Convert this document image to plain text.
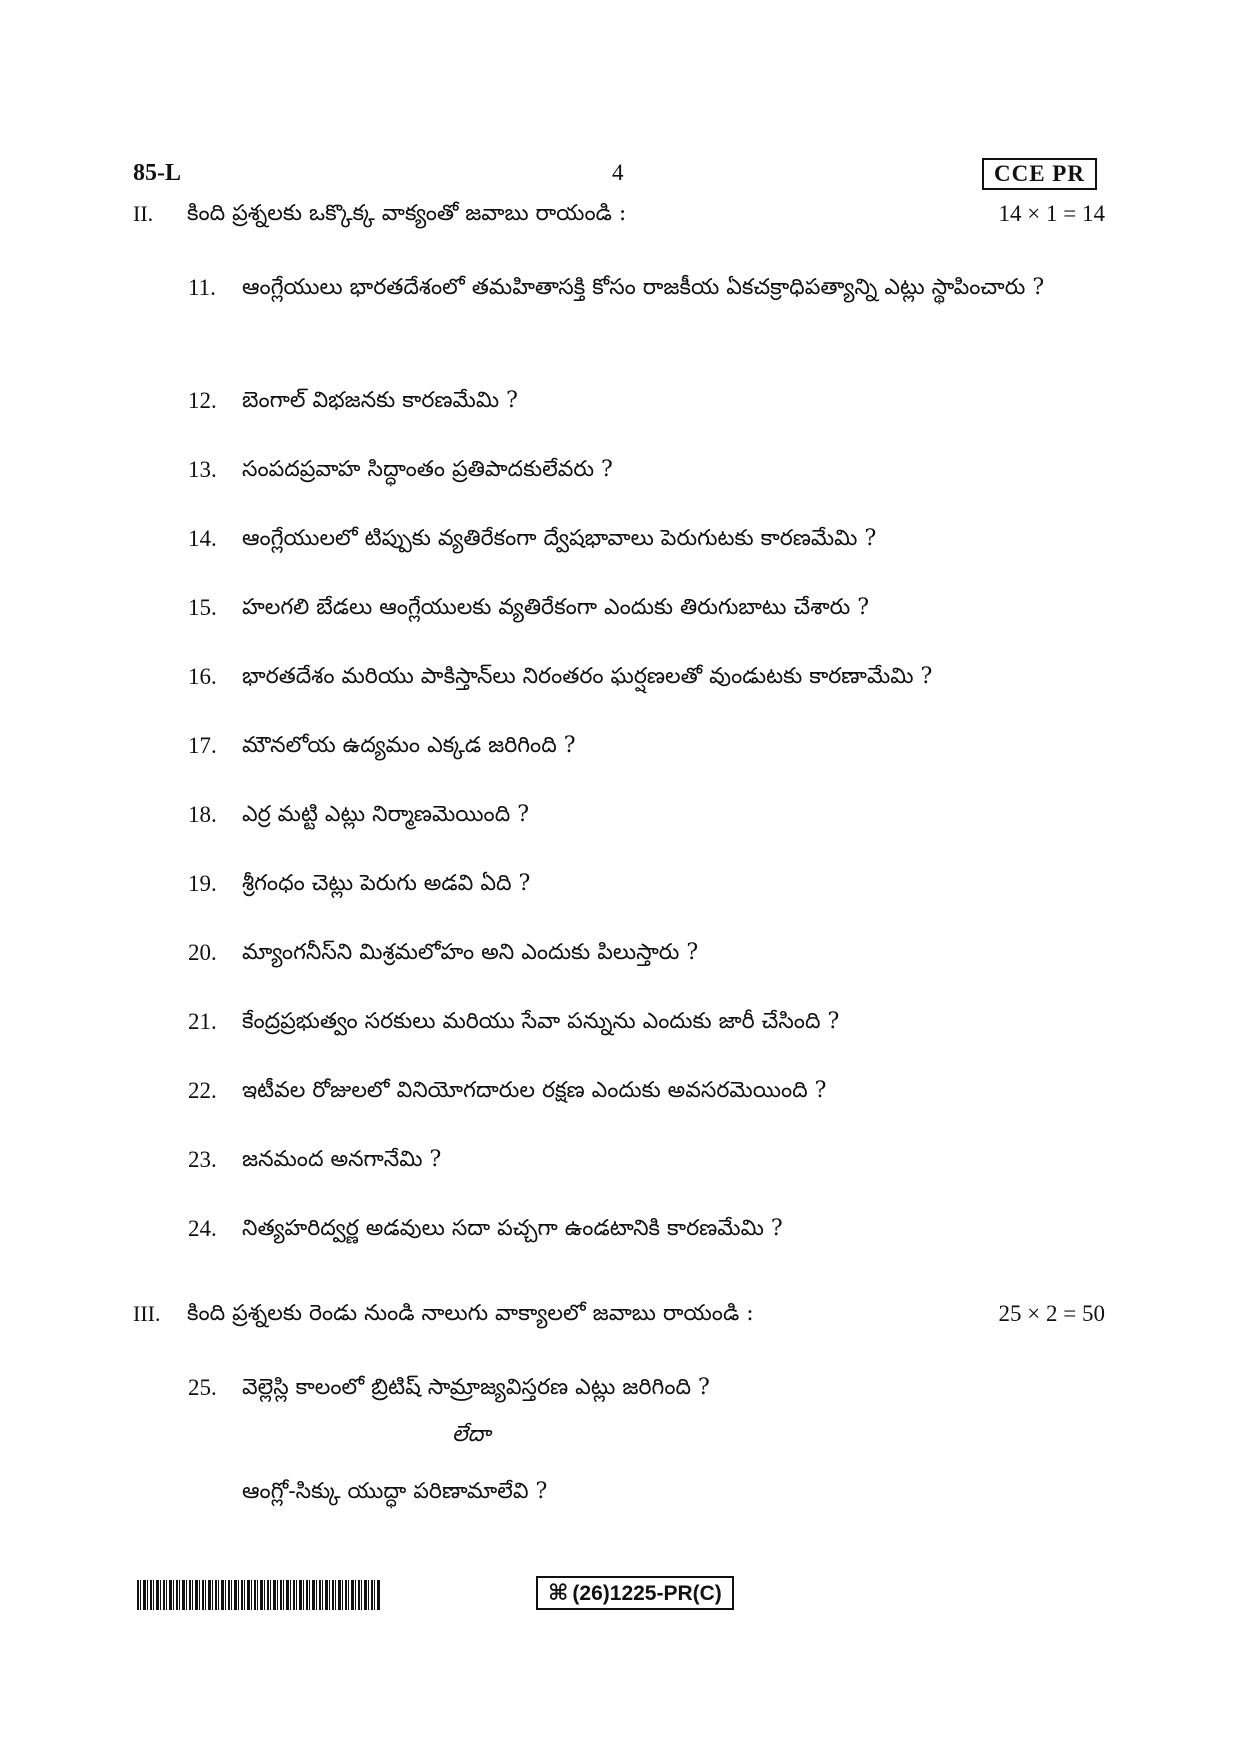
85-L	4	CCE PR
II. కింది ప్రశ్నలకు ఒక్కొక్క వాక్యంతో జవాబు రాయండి :	14 × 1 = 14
11. ఆంగ్లేయులు భారతదేశంలో తమహితాసక్తి కోసం రాజకీయ ఏకచక్రాధిపత్యాన్ని ఎట్లు స్థాపించారు ?
12. బెంగాల్ విభజనకు కారణమేమి ?
13. సంపదప్రవాహ సిద్ధాంతం ప్రతిపాదకులేవరు ?
14. ఆంగ్లేయులలో టిప్పుకు వ్యతిరేకంగా ద్వేషభావాలు పెరుగుటకు కారణమేమి ?
15. హలగలి బేడలు ఆంగ్లేయులకు వ్యతిరేకంగా ఎందుకు తిరుగుబాటు చేశారు ?
16. భారతదేశం మరియు పాకిస్తాన్‌లు నిరంతరం ఘర్షణలతో వుండుటకు కారణామేమి ?
17. మౌనలోయ ఉద్యమం ఎక్కడ జరిగింది ?
18. ఎర్ర మట్టి ఎట్లు నిర్మాణమెయింది ?
19. శ్రీగంధం చెట్లు పెరుగు అడవి ఏది ?
20. మ్యాంగనీస్‌ని మిశ్రమలోహం అని ఎందుకు పిలుస్తారు ?
21. కేంద్రప్రభుత్వం సరకులు మరియు సేవా పన్నును ఎందుకు జారీ చేసింది ?
22. ఇటీవల రోజులలో వినియోగదారుల రక్షణ ఎందుకు అవసరమెయింది ?
23. జనమంద అనగానేమి ?
24. నిత్యహరిద్వర్ణ అడవులు సదా పచ్చగా ఉండటానికి కారణమేమి ?
III. కింది ప్రశ్నలకు రెండు నుండి నాలుగు వాక్యాలలో జవాబు రాయండి :	25 × 2 = 50
25. వెల్లెస్లి కాలంలో బ్రిటిష్ సామ్రాజ్యవిస్తరణ ఎట్లు జరిగింది ?
లేదా
ఆంగ్లో-సిక్కు యుద్ధా పరిణామాలేవి ?
⌘ (26)1225-PR(C)
